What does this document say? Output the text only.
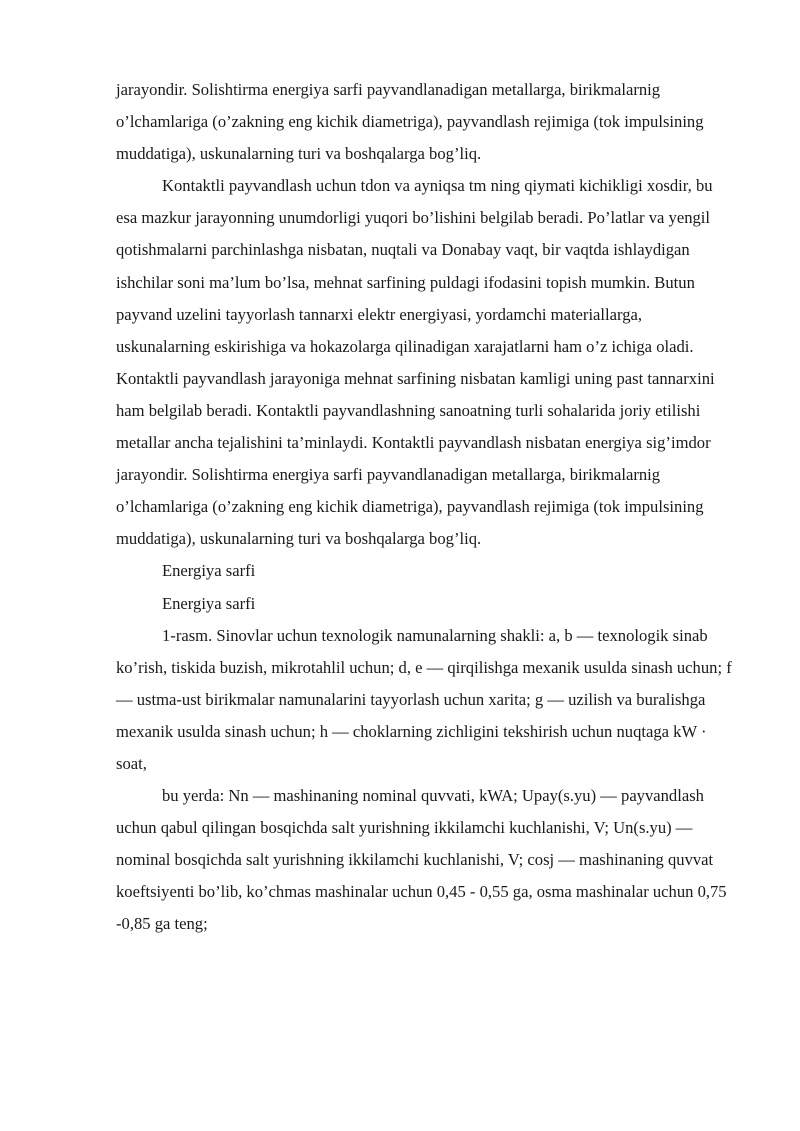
jarayondir. Solishtirma energiya sarfi payvandlanadigan metallarga, birikmalarnig o’lchamlariga (o’zakning eng kichik diametriga), payvandlash rejimiga (tok impulsining muddatiga), uskunalarning turi va boshqalarga bog’liq.

Kontaktli payvandlash uchun tdon va ayniqsa tm ning qiymati kichikligi xosdir, bu esa mazkur jarayonning unumdorligi yuqori bo’lishini belgilab beradi. Po’latlar va yengil qotishmalarni parchinlashga nisbatan, nuqtali va Donabay vaqt, bir vaqtda ishlaydigan ishchilar soni ma’lum bo’lsa, mehnat sarfining puldagi ifodasini topish mumkin. Butun payvand uzelini tayyorlash tannarxi elektr energiyasi, yordamchi materiallarga, uskunalarning eskirishiga va hokazolarga qilinadigan xarajatlarni ham o’z ichiga oladi. Kontaktli payvandlash jarayoniga mehnat sarfining nisbatan kamligi uning past tannarxini ham belgilab beradi. Kontaktli payvandlashning sanoatning turli sohalarida joriy etilishi metallar ancha tejalishini ta’minlaydi. Kontaktli payvandlash nisbatan energiya sig’imdor jarayondir. Solishtirma energiya sarfi payvandlanadigan metallarga, birikmalarnig o’lchamlariga (o’zakning eng kichik diametriga), payvandlash rejimiga (tok impulsining muddatiga), uskunalarning turi va boshqalarga bog’liq.

Energiya sarfi

Energiya sarfi

1-rasm. Sinovlar uchun texnologik namunalarning shakli: a, b — texnologik sinab ko’rish, tiskida buzish, mikrotahlil uchun; d, e — qirqilishga mexanik usulda sinash uchun; f — ustma-ust birikmalar namunalarini tayyorlash uchun xarita; g — uzilish va buralishga mexanik usulda sinash uchun; h — choklarning zichligini tekshirish uchun nuqtaga kW · soat,

bu yerda: Nn — mashinaning nominal quvvati, kWA; Upay(s.yu) — payvandlash uchun qabul qilingan bosqichda salt yurishning ikkilamchi kuchlanishi, V; Un(s.yu) — nominal bosqichda salt yurishning ikkilamchi kuchlanishi, V; cosj — mashinaning quvvat koeftsiyenti bo’lib, ko’chmas mashinalar uchun 0,45 - 0,55 ga, osma mashinalar uchun 0,75 -0,85 ga teng;
